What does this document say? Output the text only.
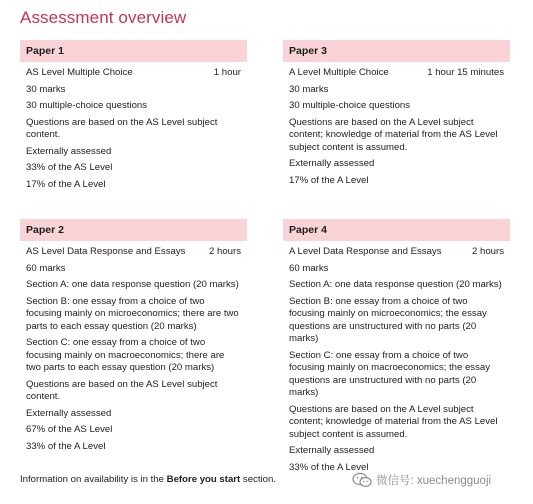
Assessment overview
Paper 1
AS Level Multiple Choice	1 hour
30 marks
30 multiple-choice questions
Questions are based on the AS Level subject content.
Externally assessed
33% of the AS Level
17% of the A Level
Paper 3
A Level Multiple Choice	1 hour 15 minutes
30 marks
30 multiple-choice questions
Questions are based on the A Level subject content; knowledge of material from the AS Level subject content is assumed.
Externally assessed
17% of the A Level
Paper 2
AS Level Data Response and Essays 2 hours
60 marks
Section A: one data response question (20 marks)
Section B: one essay from a choice of two focusing mainly on microeconomics; there are two parts to each essay question (20 marks)
Section C: one essay from a choice of two focusing mainly on macroeconomics; there are two parts to each essay question (20 marks)
Questions are based on the AS Level subject content.
Externally assessed
67% of the AS Level
33% of the A Level
Paper 4
A Level Data Response and Essays	2 hours
60 marks
Section A: one data response question (20 marks)
Section B: one essay from a choice of two focusing mainly on microeconomics; the essay questions are unstructured with no parts (20 marks)
Section C: one essay from a choice of two focusing mainly on macroeconomics; the essay questions are unstructured with no parts (20 marks)
Questions are based on the A Level subject content; knowledge of material from the AS Level subject content is assumed.
Externally assessed
33% of the A Level
Information on availability is in the Before you start section.	微信号: xuechengguoji
